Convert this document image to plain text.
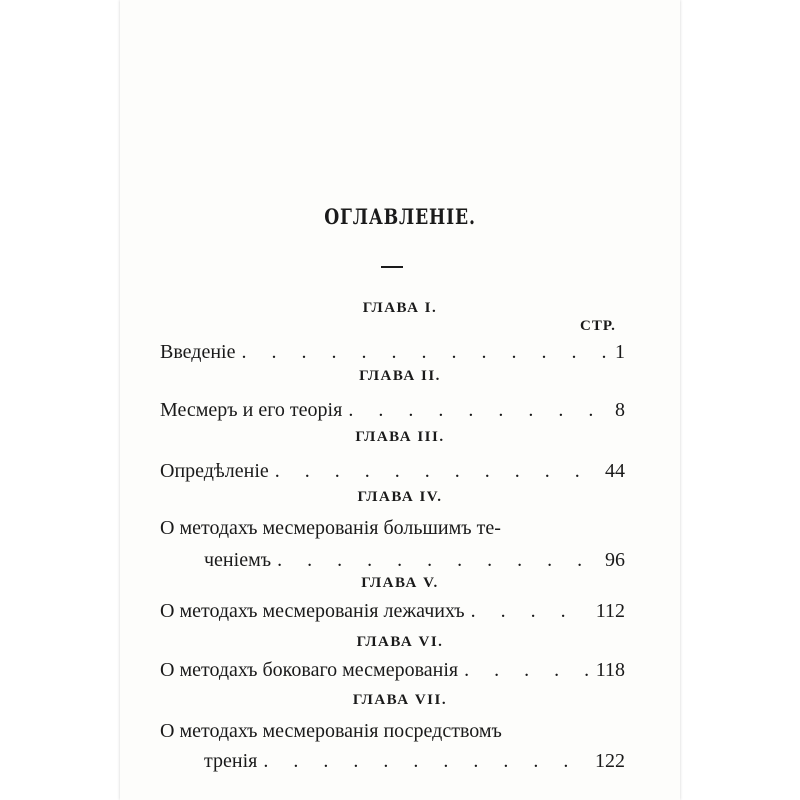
ОГЛАВЛЕНІЕ.
ГЛАВА I.
СТР.
Введеніе . . .	1
ГЛАВА II.
Месмеръ и его теорія . . .	8
ГЛАВА III.
Опредѣленіе . . .	44
ГЛАВА IV.
О методахъ месмерованія большимъ те-
ченіемъ . . .	96
ГЛАВА V.
О методахъ месмерованія лежачихъ . . .	112
ГЛАВА VI.
О методахъ боковаго месмерованія . . .	118
ГЛАВА VII.
О методахъ месмерованія посредствомъ
тренія . . .	122
